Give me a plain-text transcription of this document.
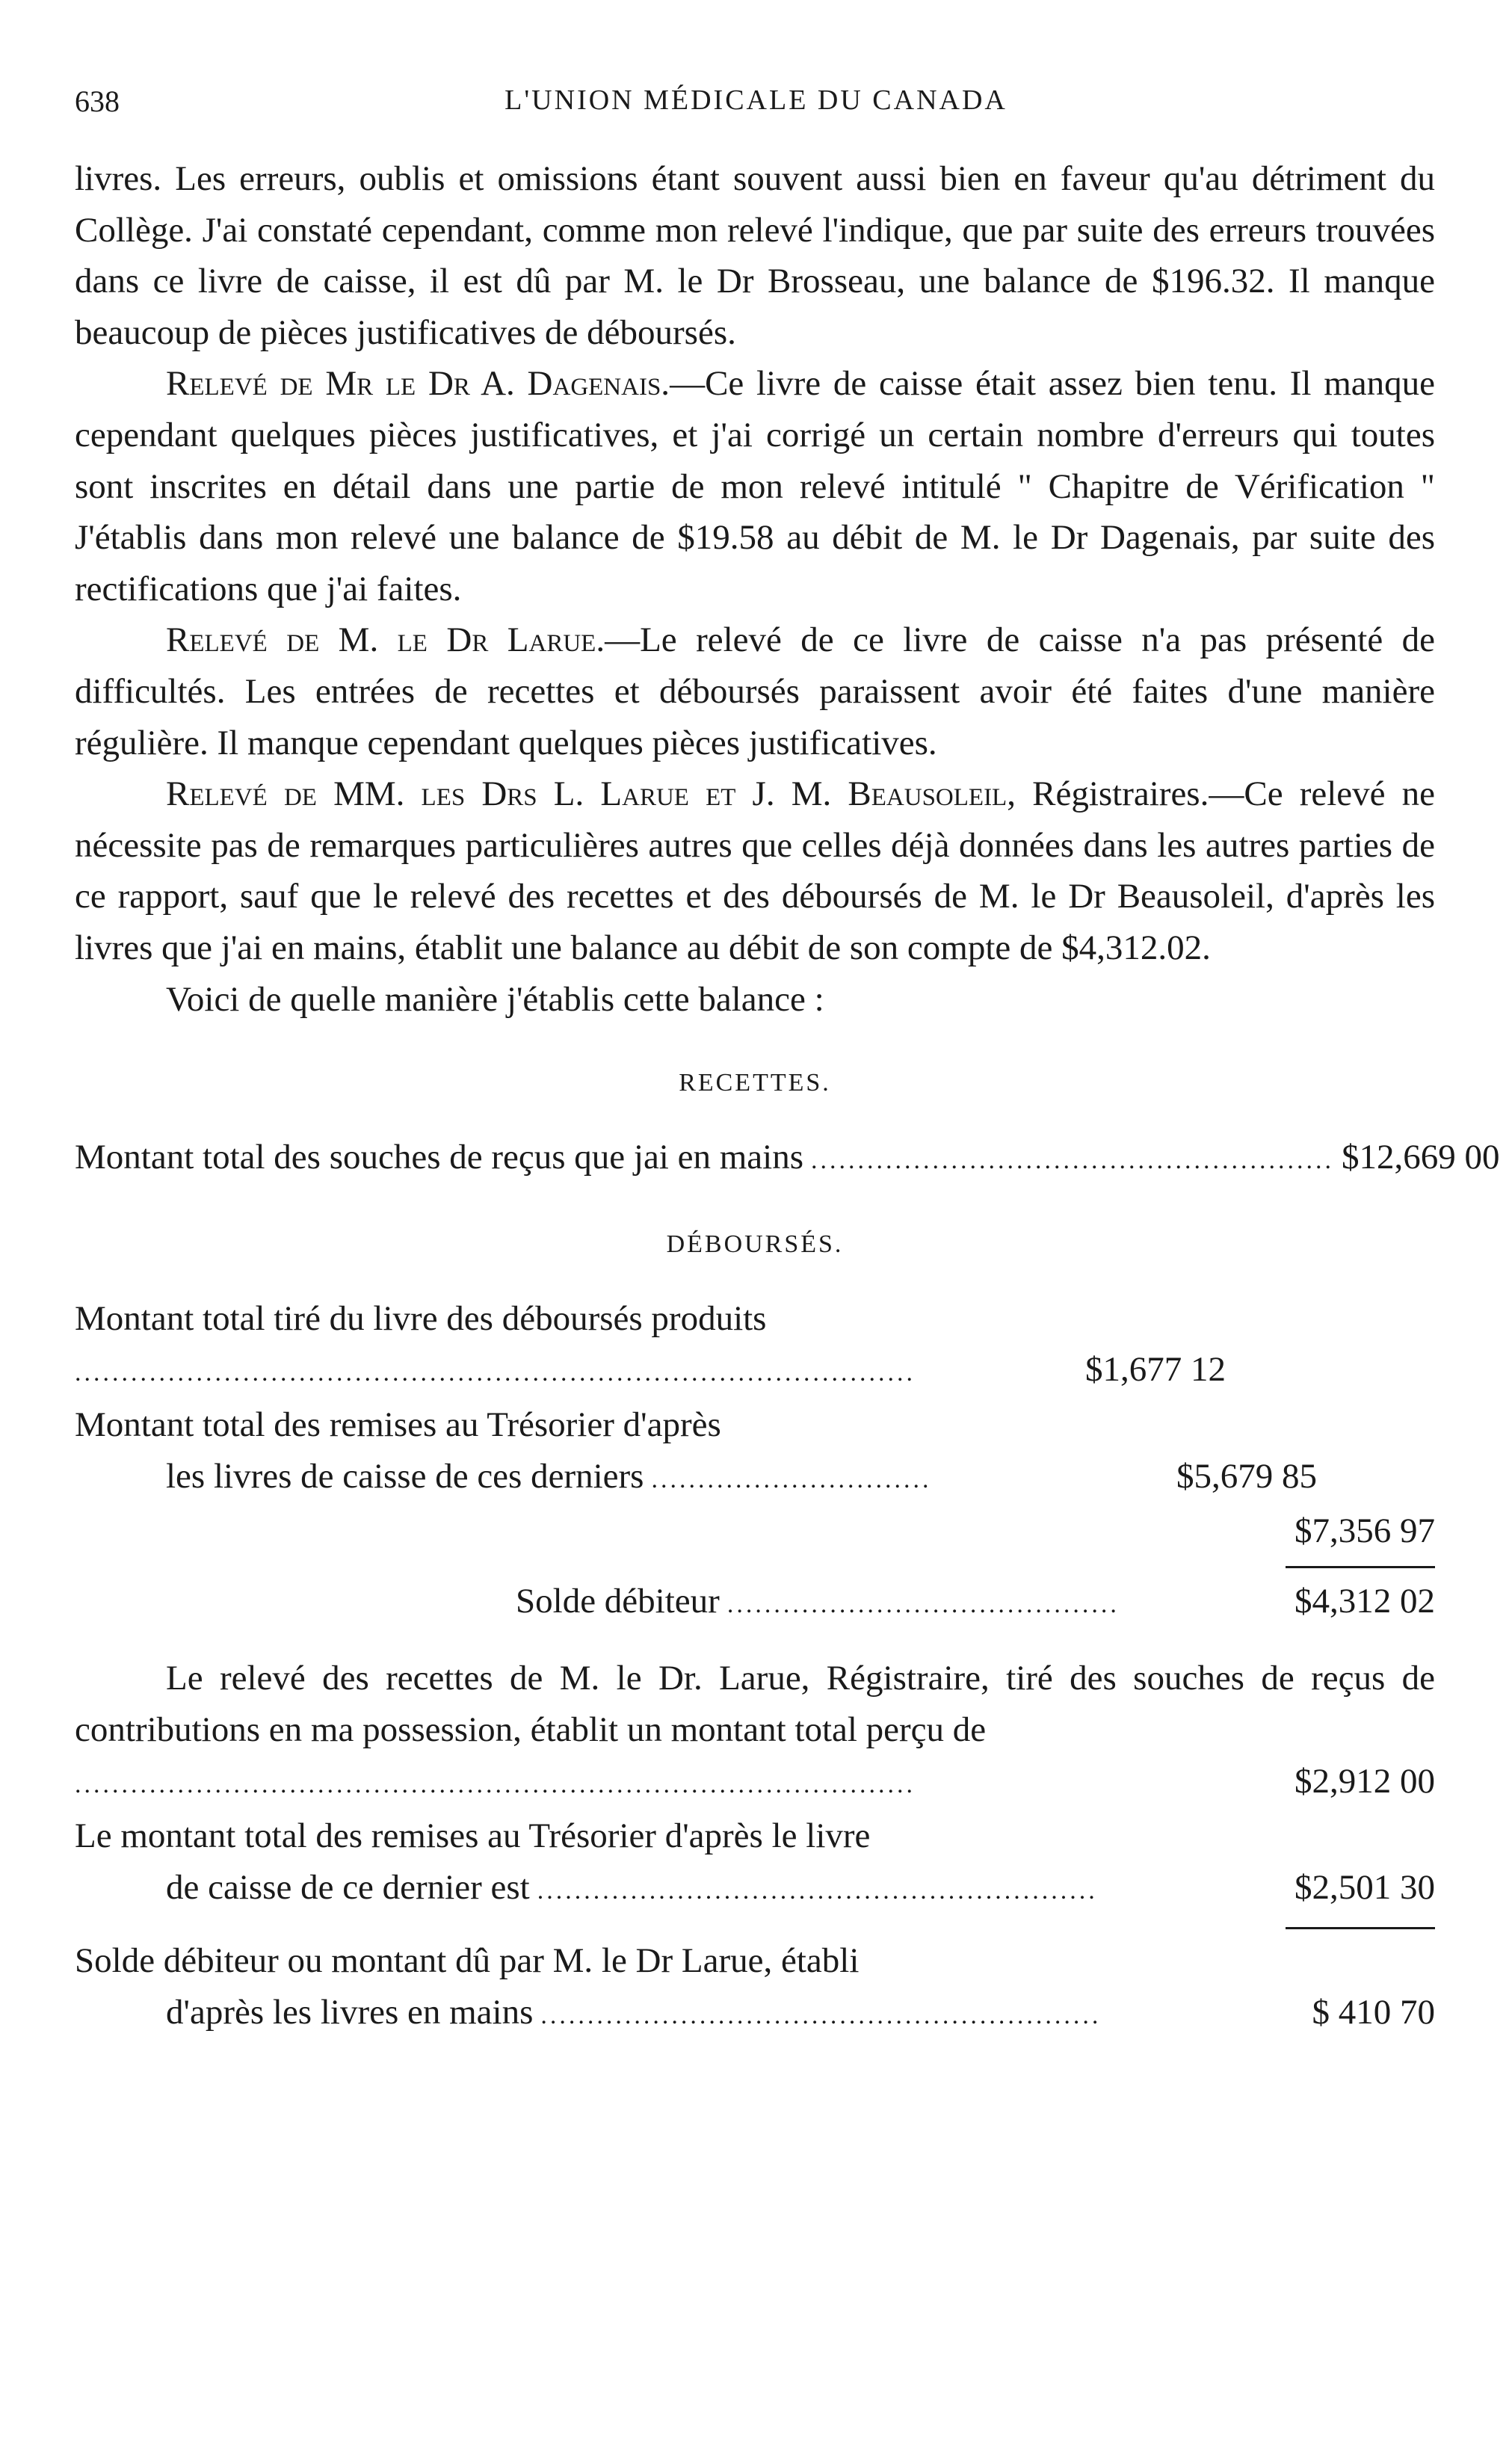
638	L'UNION MÉDICALE DU CANADA

livres. Les erreurs, oublis et omissions étant souvent aussi bien en faveur qu'au détriment du Collège. J'ai constaté cependant, comme mon relevé l'indique, que par suite des erreurs trouvées dans ce livre de caisse, il est dû par M. le Dr Brosseau, une balance de $196.32. Il manque beaucoup de pièces justificatives de déboursés.

Relevé de Mr le Dr A. Dagenais.—Ce livre de caisse était assez bien tenu. Il manque cependant quelques pièces justificatives, et j'ai corrigé un certain nombre d'erreurs qui toutes sont inscrites en détail dans une partie de mon relevé intitulé " Chapitre de Vérification " J'établis dans mon relevé une balance de $19.58 au débit de M. le Dr Dagenais, par suite des rectifications que j'ai faites.

Relevé de M. le Dr Larue.—Le relevé de ce livre de caisse n'a pas présenté de difficultés. Les entrées de recettes et déboursés paraissent avoir été faites d'une manière régulière. Il manque cependant quelques pièces justificatives.

Relevé de MM. les Drs L. Larue et J. M. Beausoleil, Régistraires.—Ce relevé ne nécessite pas de remarques particulières autres que celles déjà données dans les autres parties de ce rapport, sauf que le relevé des recettes et des déboursés de M. le Dr Beausoleil, d'après les livres que j'ai en mains, établit une balance au débit de son compte de $4,312.02.

Voici de quelle manière j'établis cette balance :

RECETTES.
Montant total des souches de reçus que jai en mains ........................................................ $12,669 00
DÉBOURSÉS.
Montant total tiré du livre des déboursés produits
..........................................................................................	$1,677 12
Montant total des remises au Trésorier d'après
les livres de caisse de ces derniers ..............................	$5,679 85
$7,356 97
Solde débiteur ..........................................	$4,312 02

Le relevé des recettes de M. le Dr. Larue, Régistraire, tiré des souches de reçus de contributions en ma possession, établit un montant total perçu de

..........................................................................................	$2,912 00
Le montant total des remises au Trésorier d'après le livre
de caisse de ce dernier est ............................................................	$2,501 30
Solde débiteur ou montant dû par M. le Dr Larue, établi
d'après les livres en mains ............................................................	$ 410 70
